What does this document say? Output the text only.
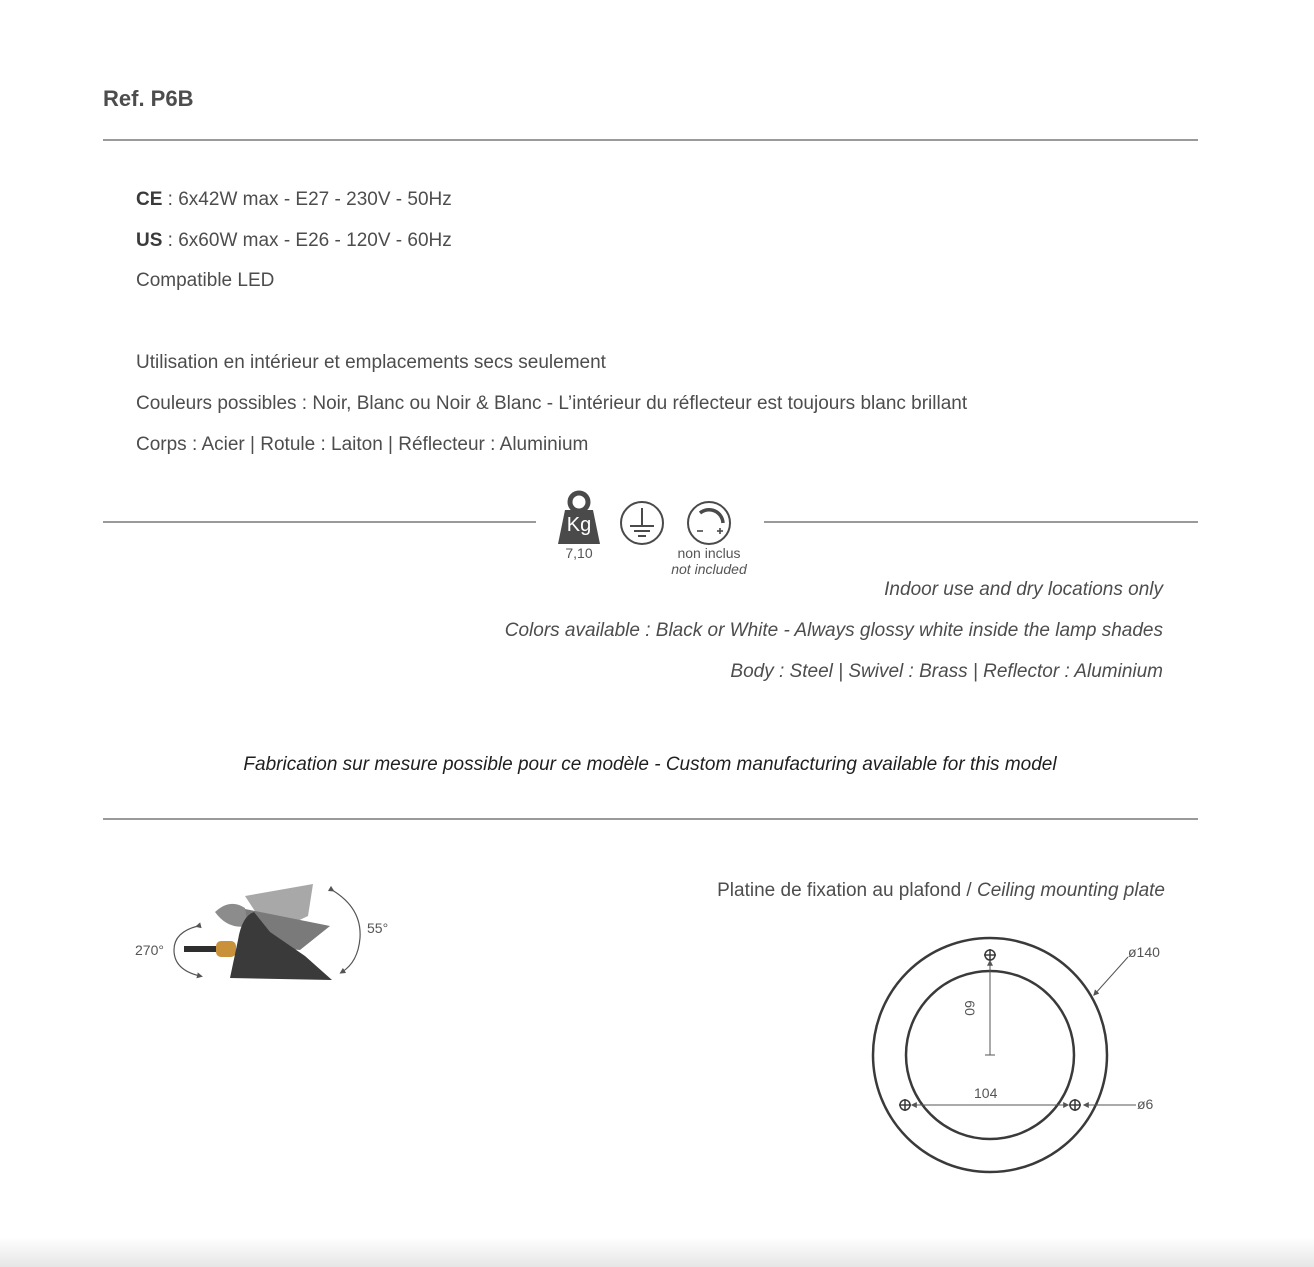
Ref. P6B
CE : 6x42W max - E27 - 230V - 50Hz
US : 6x60W max - E26 - 120V - 60Hz
Compatible LED
Utilisation en intérieur et emplacements secs seulement
Couleurs possibles : Noir, Blanc ou Noir & Blanc - L’intérieur du réflecteur est toujours blanc brillant
Corps : Acier | Rotule : Laiton | Réflecteur : Aluminium
Kg
7,10	non inclus
not included
Indoor use and dry locations only
Colors available : Black or White - Always glossy white inside the lamp shades
Body : Steel | Swivel : Brass | Reflector : Aluminium
Fabrication sur mesure possible pour ce modèle - Custom manufacturing available for this model
270°
55°
Platine de fixation au plafond / Ceiling mounting plate
60
104
ø140
ø6
